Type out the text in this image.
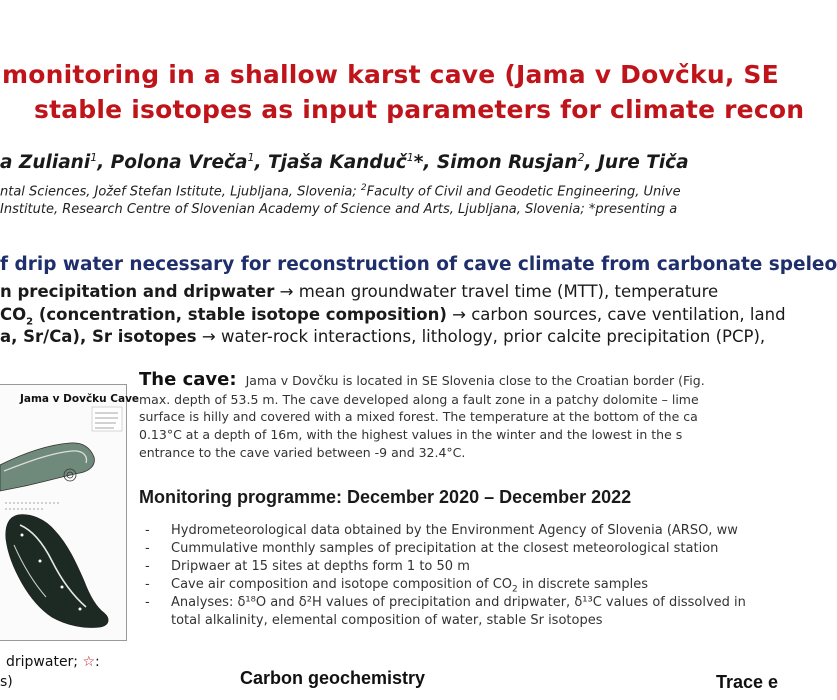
monitoring in a shallow karst cave (Jama v Dovčku, SE
stable isotopes as input parameters for climate recon
a Zuliani$^1$, Polona Vreča$^1$, Tjaša Kanduč$^1$*, Simon Rusjan$^2$, Jure Tiča
ntal Sciences, Jožef Stefan Istitute, Ljubljana, Slovenia; $^2$Faculty of Civil and Geodetic Engineering, Unive
Institute, Research Centre of Slovenian Academy of Science and Arts, Ljubljana, Slovenia; *presenting a
f drip water necessary for reconstruction of cave climate from carbonate speleo
n precipitation and dripwater → mean groundwater travel time (MTT), temperature
$CO_2$ (concentration, stable isotope composition) → carbon sources, cave ventilation, land
a, Sr/Ca), Sr isotopes → water-rock interactions, lithology, prior calcite precipitation (PCP),
Jama v Dovčku Cave
dripwater; ☆:
s)
The cave: Jama v Dovčku is located in SE Slovenia close to the Croatian border (Fig.
max. depth of 53.5 m. The cave developed along a fault zone in a patchy dolomite – lime
surface is hilly and covered with a mixed forest. The temperature at the bottom of the ca
0.13°C at a depth of 16m, with the highest values in the winter and the lowest in the s
entrance to the cave varied between -9 and 32.4°C.
Monitoring programme: December 2020 – December 2022
- Hydrometeorological data obtained by the Environment Agency of Slovenia (ARSO, ww
- Cummulative monthly samples of precipitation at the closest meteorological station
- Dripwaer at 15 sites at depths form 1 to 50 m
- Cave air composition and isotope composition of $CO_2$ in discrete samples
- Analyses: δ¹⁸O and δ²H values of precipitation and dripwater, δ¹³C values of dissolved in
total alkalinity, elemental composition of water, stable Sr isotopes
Carbon geochemistry	Trace e
